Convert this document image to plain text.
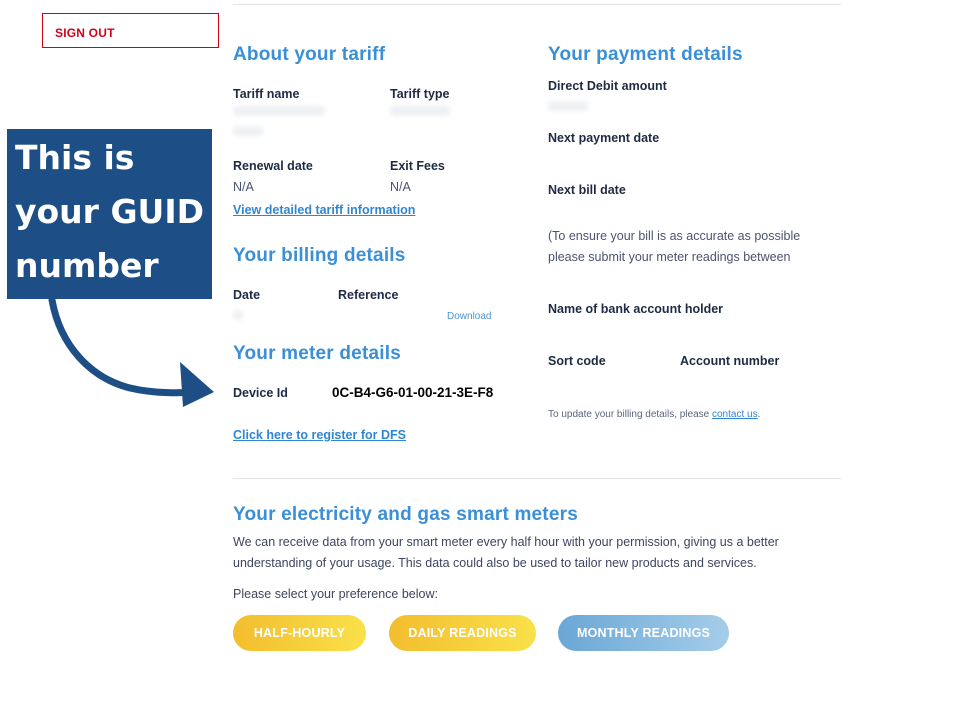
SIGN OUT
About your tariff
Tariff name	Tariff type
Renewal date	Exit Fees
N/A	N/A
View detailed tariff information
Your billing details
Date	Reference
Download
Your meter details
Device Id	0C-B4-G6-01-00-21-3E-F8
Click here to register for DFS
Your payment details
Direct Debit amount
Next payment date
Next bill date
(To ensure your bill is as accurate as possible
please submit your meter readings between
Name of bank account holder
Sort code	Account number
To update your billing details, please contact us.
Your electricity and gas smart meters
We can receive data from your smart meter every half hour with your permission, giving us a better
understanding of your usage. This data could also be used to tailor new products and services.
Please select your preference below:
HALF-HOURLY	DAILY READINGS	MONTHLY READINGS
This is
your GUID
number
